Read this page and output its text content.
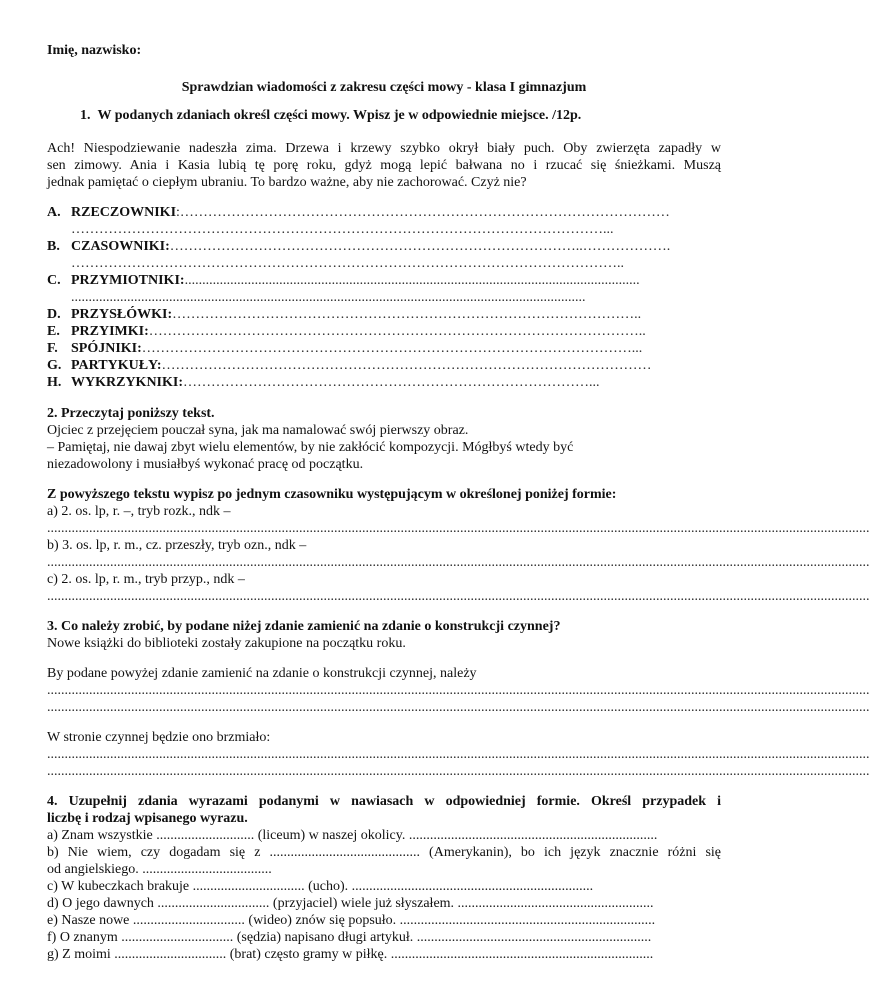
Imię, nazwisko:
Sprawdzian wiadomości z zakresu części mowy - klasa I gimnazjum
1.  W podanych zdaniach określ części mowy. Wpisz je w odpowiednie miejsce. /12p.
Ach! Niespodziewanie nadeszła zima. Drzewa i krzewy szybko okrył biały puch. Oby zwierzęta zapadły w
sen zimowy. Ania i Kasia lubią tę porę roku, gdyż mogą lepić bałwana no i rzucać się śnieżkami. Muszą
jednak pamiętać o ciepłym ubraniu. To bardzo ważne, aby nie zachorować. Czyż nie?
A. RZECZOWNIKI:……………………………………………………………………………………………
……………………………………………………………………………………………………...
B. CZASOWNIKI:……………………………………………………………………………..……………….
………………………………………………………………………………………………………..
C. PRZYMIOTNIKI:..................................................................................................................................
...................................................................................................................................................
D. PRZYSŁÓWKI:………………………………………………………………………………………..
E. PRZYIMKI:……………………………………………………………………………………………..
F. SPÓJNIKI:……………………………………………………………………………………………...
G. PARTYKUŁY:……………………………………………………………………………………………
H. WYKRZYKNIKI:……………………………………………………………………………...
2. Przeczytaj poniższy tekst.
Ojciec z przejęciem pouczał syna, jak ma namalować swój pierwszy obraz.
– Pamiętaj, nie dawaj zbyt wielu elementów, by nie zakłócić kompozycji. Mógłbyś wtedy być
niezadowolony i musiałbyś wykonać pracę od początku.
Z powyższego tekstu wypisz po jednym czasowniku występującym w określonej poniżej formie:
a) 2. os. lp, r. –, tryb rozk., ndk –
...........................................................................................................................................................................................................................................
b) 3. os. lp, r. m., cz. przeszły, tryb ozn., ndk –
...........................................................................................................................................................................................................................................
c) 2. os. lp, r. m., tryb przyp., ndk –
...........................................................................................................................................................................................................................................
3. Co należy zrobić, by podane niżej zdanie zamienić na zdanie o konstrukcji czynnej?
Nowe książki do biblioteki zostały zakupione na początku roku.
By podane powyżej zdanie zamienić na zdanie o konstrukcji czynnej, należy
...........................................................................................................................................................................................................................................
...........................................................................................................................................................................................................................................
W stronie czynnej będzie ono brzmiało:
...........................................................................................................................................................................................................................................
...........................................................................................................................................................................................................................................
4. Uzupełnij zdania wyrazami podanymi w nawiasach w odpowiedniej formie. Określ przypadek i
liczbę i rodzaj wpisanego wyrazu.
a) Znam wszystkie ............................ (liceum) w naszej okolicy. .......................................................................
b) Nie wiem, czy dogadam się z ........................................... (Amerykanin), bo ich język znacznie różni się
od angielskiego. .....................................
c) W kubeczkach brakuje ................................ (ucho). .....................................................................
d) O jego dawnych ................................ (przyjaciel) wiele już słyszałem. ........................................................
e) Nasze nowe ................................ (wideo) znów się popsuło. .........................................................................
f) O znanym ................................ (sędzia) napisano długi artykuł. ...................................................................
g) Z moimi ................................ (brat) często gramy w piłkę. ...........................................................................
